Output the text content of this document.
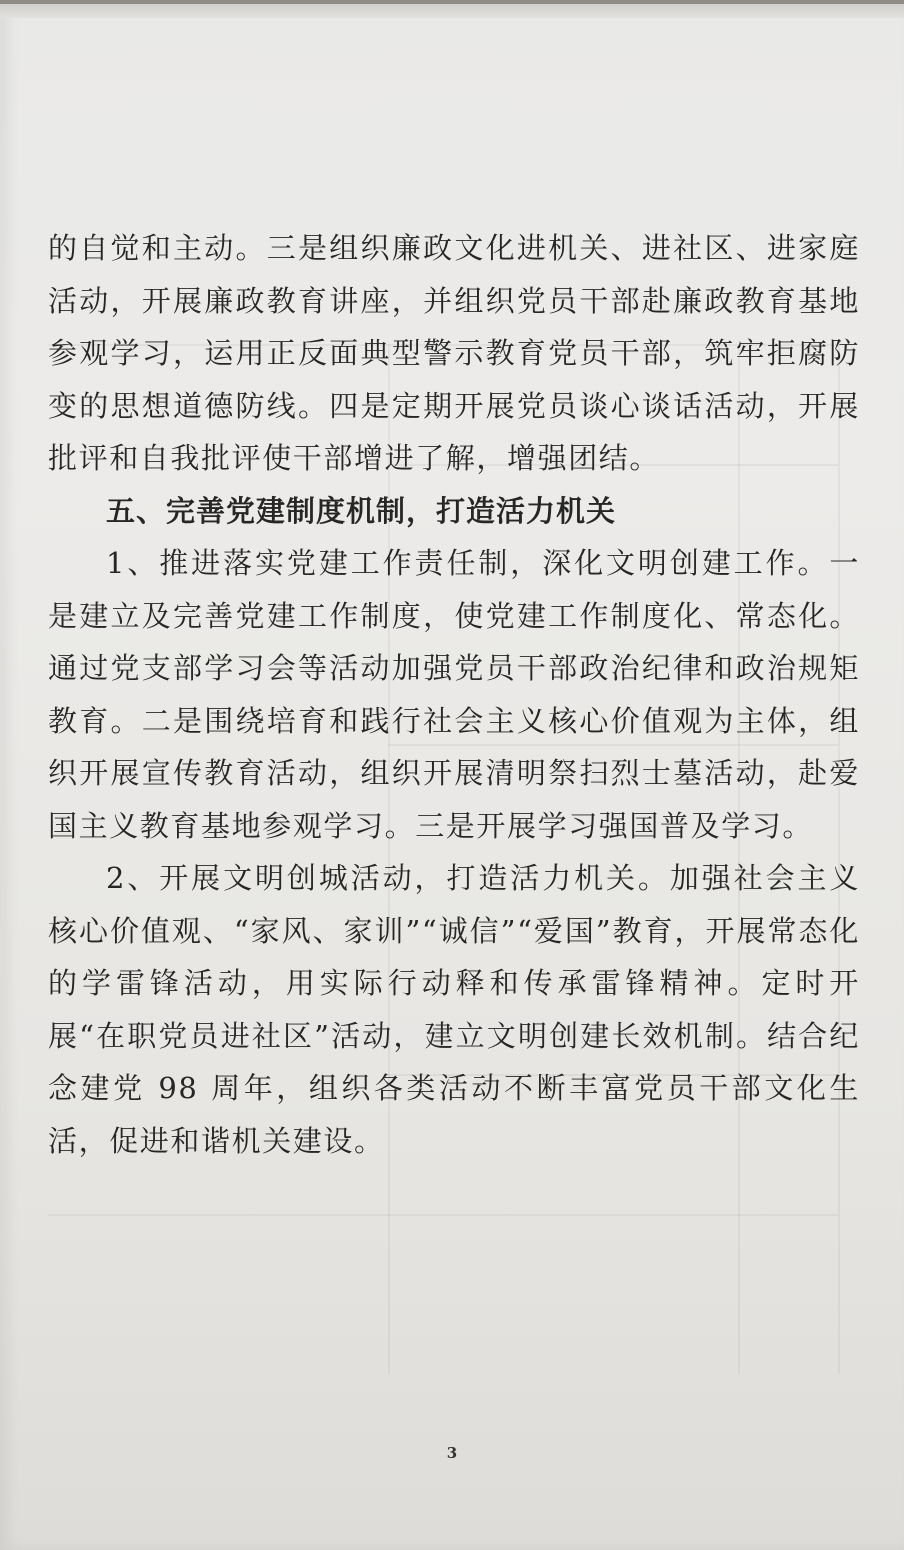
的自觉和主动。三是组织廉政文化进机关、进社区、进家庭活动，开展廉政教育讲座，并组织党员干部赴廉政教育基地参观学习，运用正反面典型警示教育党员干部，筑牢拒腐防变的思想道德防线。四是定期开展党员谈心谈话活动，开展批评和自我批评使干部增进了解，增强团结。

五、完善党建制度机制，打造活力机关

1、推进落实党建工作责任制，深化文明创建工作。一是建立及完善党建工作制度，使党建工作制度化、常态化。通过党支部学习会等活动加强党员干部政治纪律和政治规矩教育。二是围绕培育和践行社会主义核心价值观为主体，组织开展宣传教育活动，组织开展清明祭扫烈士墓活动，赴爱国主义教育基地参观学习。三是开展学习强国普及学习。

2、开展文明创城活动，打造活力机关。加强社会主义核心价值观、“家风、家训”“诚信”“爱国”教育，开展常态化的学雷锋活动，用实际行动释和传承雷锋精神。定时开展“在职党员进社区”活动，建立文明创建长效机制。结合纪念建党 98 周年，组织各类活动不断丰富党员干部文化生活，促进和谐机关建设。

3
